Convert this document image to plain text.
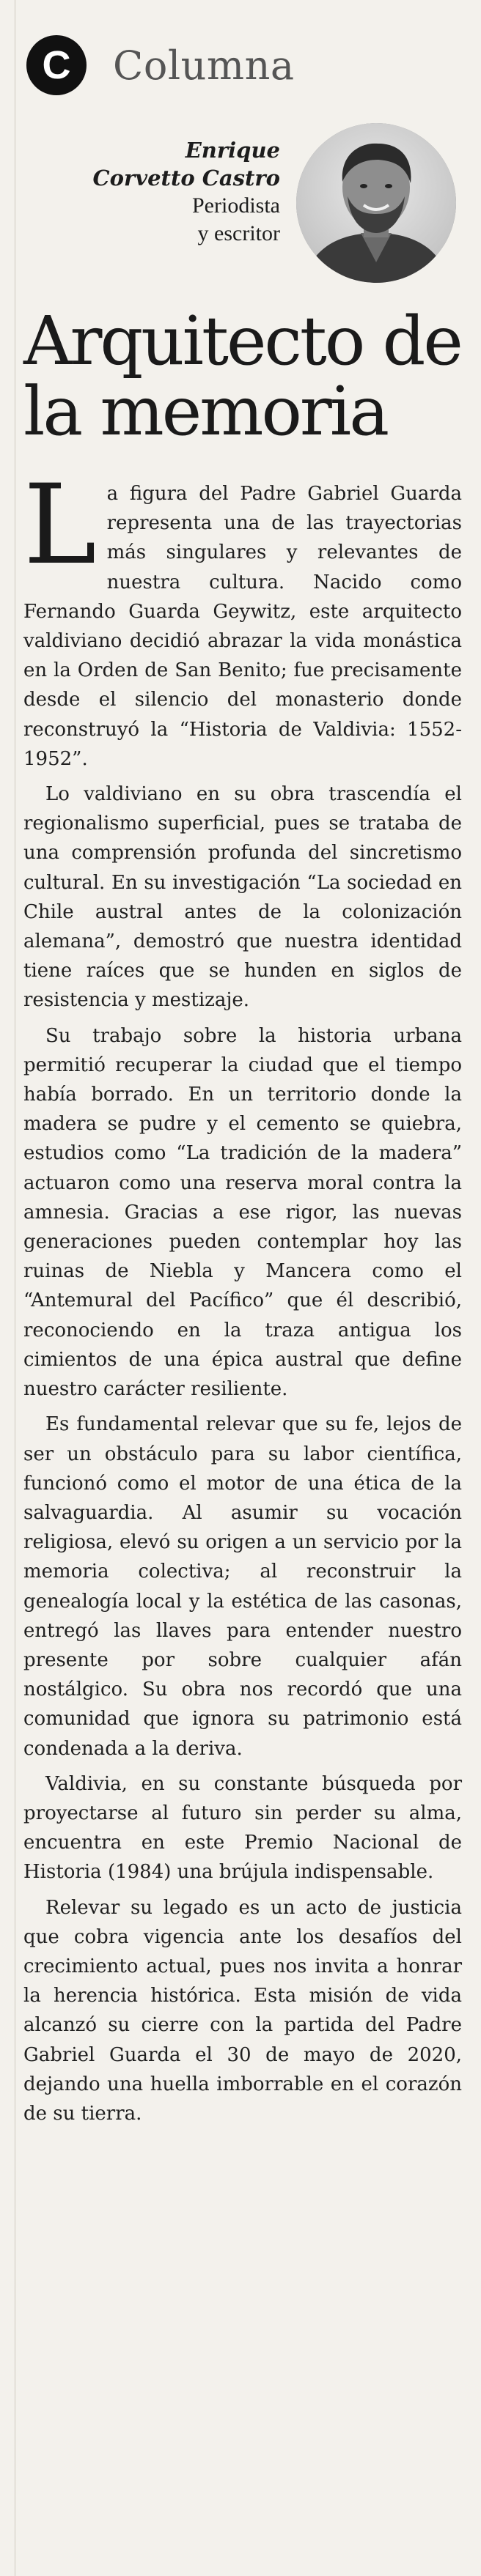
C	Columna
Enrique
Corvetto Castro
Periodista
y escritor
Arquitecto de la memoria

La figura del Padre Gabriel Guarda representa una de las trayectorias más singulares y relevantes de nuestra cultura. Nacido como Fernando Guarda Geywitz, este arquitecto valdiviano decidió abrazar la vida monástica en la Orden de San Benito; fue precisamente desde el silencio del monasterio donde reconstruyó la “Historia de Valdivia: 1552-1952”.

Lo valdiviano en su obra trascendía el regionalismo superficial, pues se trataba de una comprensión profunda del sincretismo cultural. En su investigación “La sociedad en Chile austral antes de la colonización alemana”, demostró que nuestra identidad tiene raíces que se hunden en siglos de resistencia y mestizaje.

Su trabajo sobre la historia urbana permitió recuperar la ciudad que el tiempo había borrado. En un territorio donde la madera se pudre y el cemento se quiebra, estudios como “La tradición de la madera” actuaron como una reserva moral contra la amnesia. Gracias a ese rigor, las nuevas generaciones pueden contemplar hoy las ruinas de Niebla y Mancera como el “Antemural del Pacífico” que él describió, reconociendo en la traza antigua los cimientos de una épica austral que define nuestro carácter resiliente.

Es fundamental relevar que su fe, lejos de ser un obstáculo para su labor científica, funcionó como el motor de una ética de la salvaguardia. Al asumir su vocación religiosa, elevó su origen a un servicio por la memoria colectiva; al reconstruir la genealogía local y la estética de las casonas, entregó las llaves para entender nuestro presente por sobre cualquier afán nostálgico. Su obra nos recordó que una comunidad que ignora su patrimonio está condenada a la deriva.

Valdivia, en su constante búsqueda por proyectarse al futuro sin perder su alma, encuentra en este Premio Nacional de Historia (1984) una brújula indispensable.

Relevar su legado es un acto de justicia que cobra vigencia ante los desafíos del crecimiento actual, pues nos invita a honrar la herencia histórica. Esta misión de vida alcanzó su cierre con la partida del Padre Gabriel Guarda el 30 de mayo de 2020, dejando una huella imborrable en el corazón de su tierra.
